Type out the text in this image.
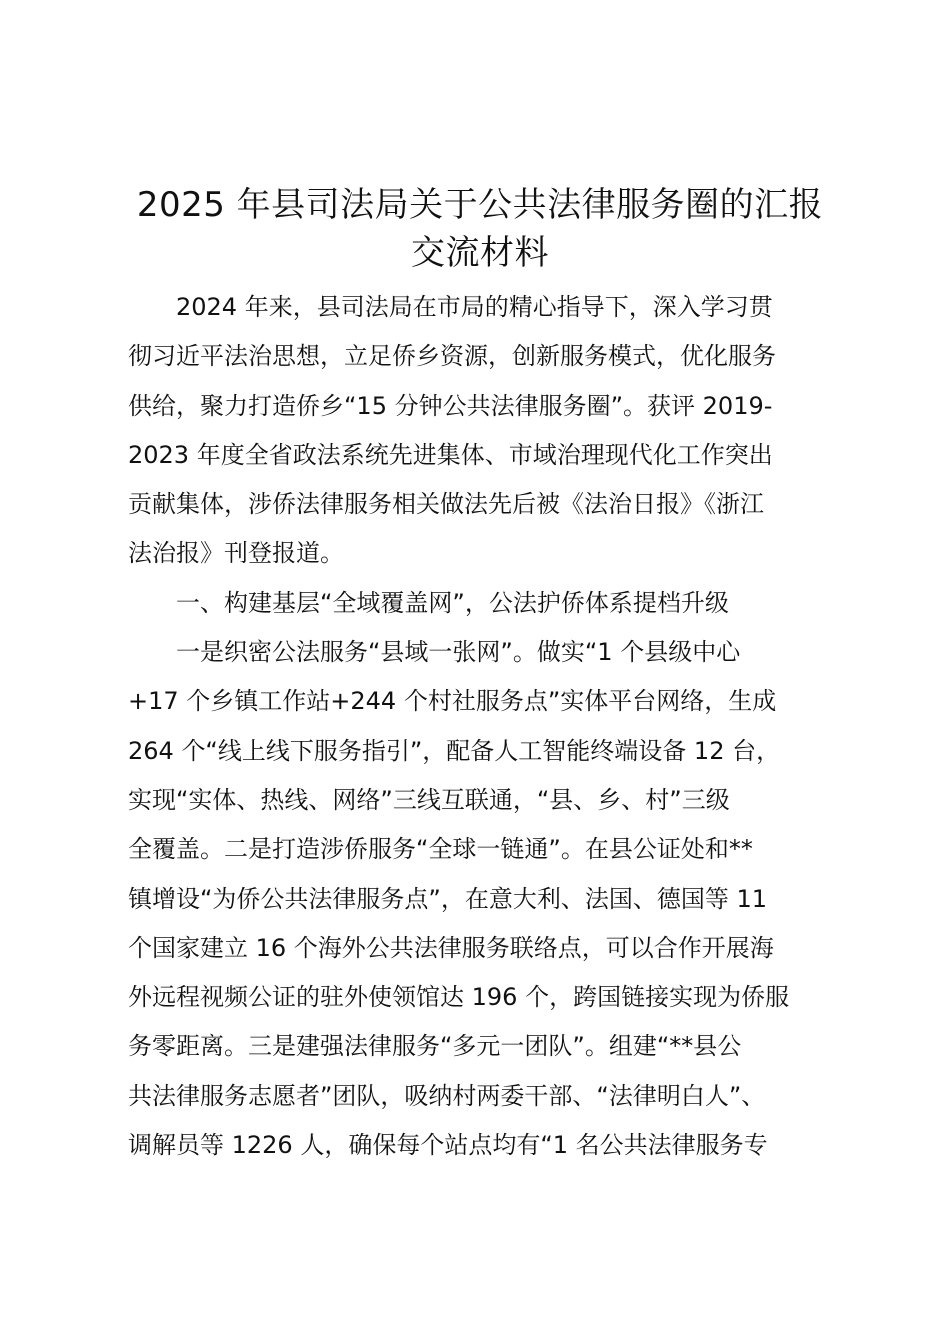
2025 年县司法局关于公共法律服务圈的汇报
交流材料
2024 年来，县司法局在市局的精心指导下，深入学习贯
彻习近平法治思想，立足侨乡资源，创新服务模式，优化服务
供给，聚力打造侨乡“15 分钟公共法律服务圈”。获评 2019-
2023 年度全省政法系统先进集体、市域治理现代化工作突出
贡献集体，涉侨法律服务相关做法先后被《法治日报》《浙江
法治报》刊登报道。
一、构建基层“全域覆盖网”，公法护侨体系提档升级
一是织密公法服务“县域一张网”。做实“1 个县级中心
+17 个乡镇工作站+244 个村社服务点”实体平台网络，生成
264 个“线上线下服务指引”，配备人工智能终端设备 12 台，
实现“实体、热线、网络”三线互联通，“县、乡、村”三级
全覆盖。二是打造涉侨服务“全球一链通”。在县公证处和**
镇增设“为侨公共法律服务点”，在意大利、法国、德国等 11
个国家建立 16 个海外公共法律服务联络点，可以合作开展海
外远程视频公证的驻外使领馆达 196 个，跨国链接实现为侨服
务零距离。三是建强法律服务“多元一团队”。组建“**县公
共法律服务志愿者”团队，吸纳村两委干部、“法律明白人”、
调解员等 1226 人，确保每个站点均有“1 名公共法律服务专
